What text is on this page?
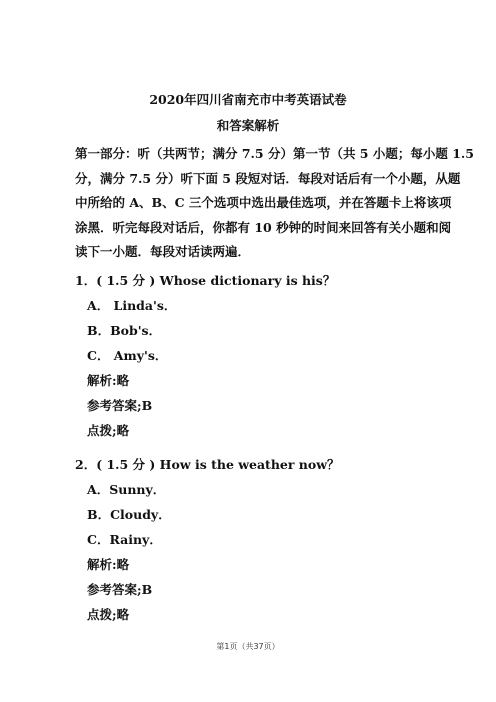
2020年四川省南充市中考英语试卷
和答案解析
第一部分：听（共两节；满分 7.5 分）第一节（共 5 小题；每小题 1.5
分，满分 7.5 分）听下面 5 段短对话．每段对话后有一个小题，从题
中所给的 A、B、C 三个选项中选出最佳选项，并在答题卡上将该项
涂黑．听完每段对话后，你都有 10 秒钟的时间来回答有关小题和阅
读下一小题．每段对话读两遍．
1．( 1.5 分 ) Whose dictionary is his？
A． Linda's．
B．Bob's．
C． Amy's．
解析:略
参考答案;B
点拨;略
2．( 1.5 分 ) How is the weather now？
A．Sunny．
B．Cloudy．
C．Rainy．
解析:略
参考答案;B
点拨;略
第1页（共37页）
